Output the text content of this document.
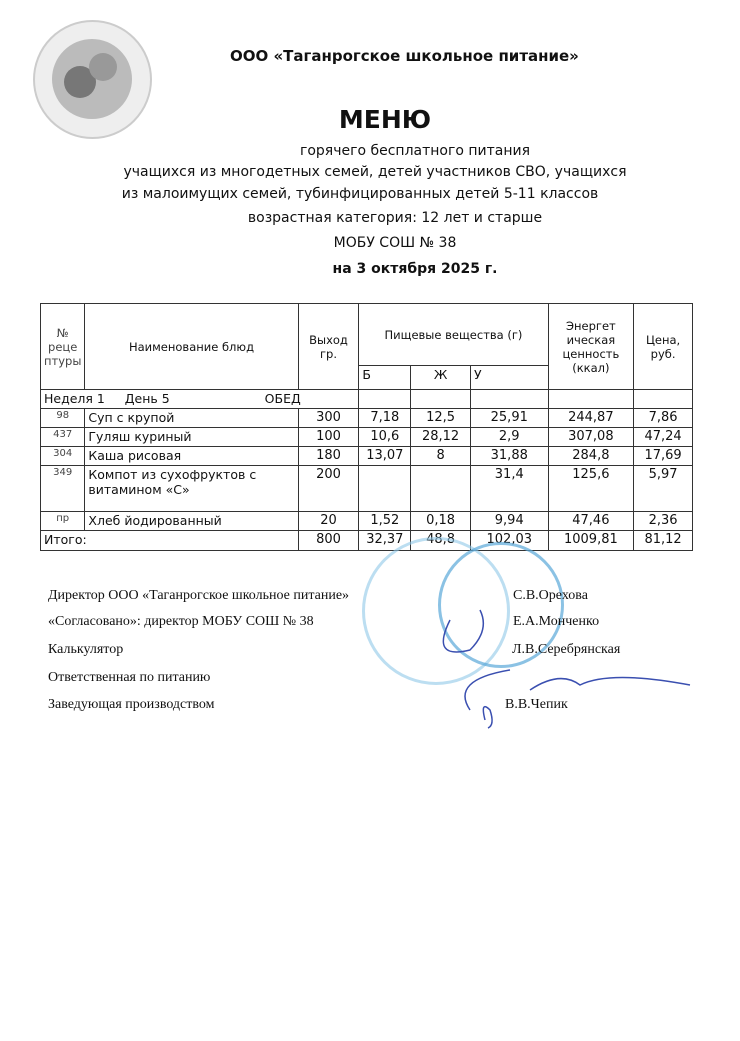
ООО «Таганрогское школьное питание»
МЕНЮ
горячего бесплатного питания
учащихся из многодетных семей, детей участников СВО, учащихся
из малоимущих семей, тубинфицированных детей 5-11 классов
возрастная категория: 12 лет и старше
МОБУ СОШ № 38
на 3 октября 2025 г.
№ реце птуры	Наименование блюд	Выход гр.	Пищевые вещества (г)			Энергет ическая ценность (ккал)	Цена, руб.
			Б	Ж	У		
Неделя 1 День 5 ОБЕД							
98	Суп с крупой	300	7,18	12,5	25,91	244,87	7,86
437	Гуляш куриный	100	10,6	28,12	2,9	307,08	47,24
304	Каша рисовая	180	13,07	8	31,88	284,8	17,69
349	Компот из сухофруктов с витамином «С»	200			31,4	125,6	5,97
пр	Хлеб йодированный	20	1,52	0,18	9,94	47,46	2,36
Итого:		800	32,37	48,8	102,03	1009,81	81,12
Директор ООО «Таганрогское школьное питание»	С.В.Орехова
«Согласовано»: директор МОБУ СОШ № 38	Е.А.Монченко
Калькулятор	Л.В.Серебрянская
Ответственная по питанию
Заведующая производством	В.В.Чепик
